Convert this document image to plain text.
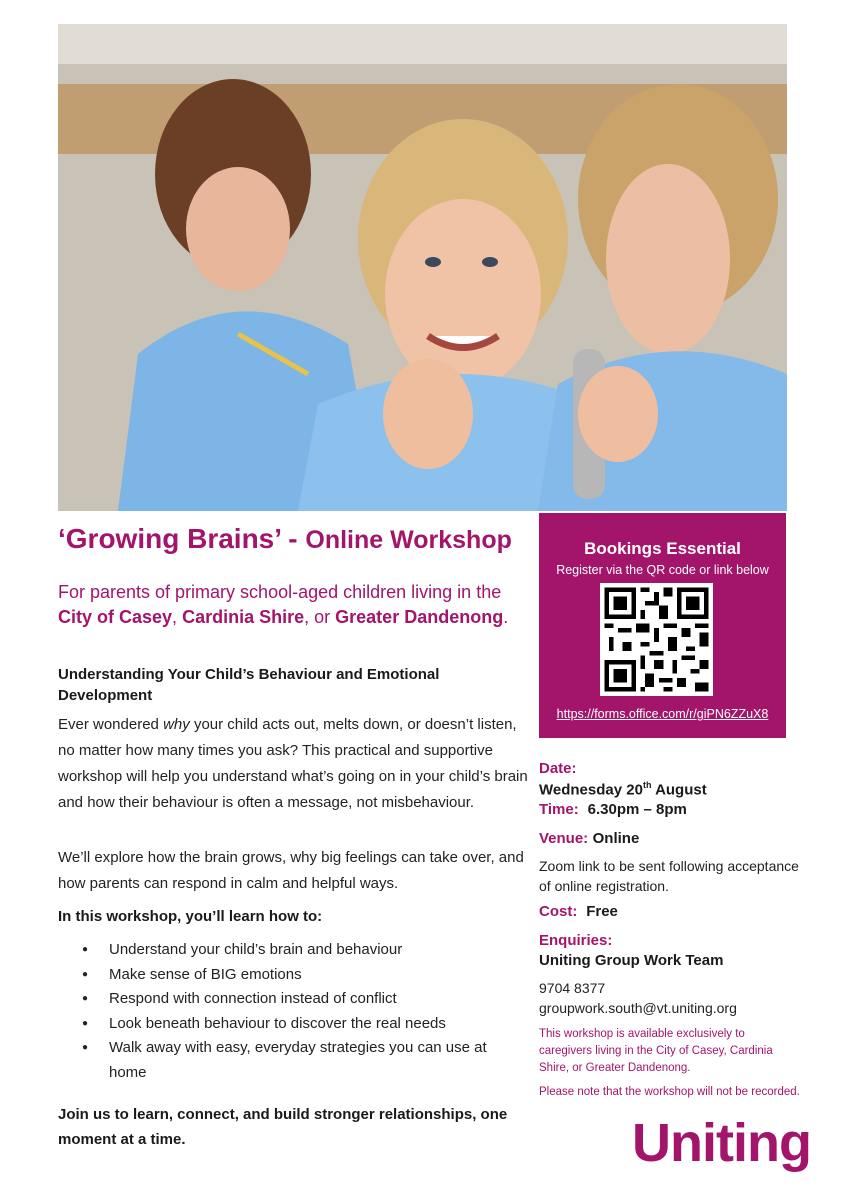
‘Growing Brains’ - Online Workshop

For parents of primary school-aged children living in the City of Casey, Cardinia Shire, or Greater Dandenong.

Understanding Your Child’s Behaviour and Emotional Development

Ever wondered why your child acts out, melts down, or doesn’t listen, no matter how many times you ask? This practical and supportive workshop will help you understand what’s going on in your child’s brain and how their behaviour is often a message, not misbehaviour.

We’ll explore how the brain grows, why big feelings can take over, and how parents can respond in calm and helpful ways.

In this workshop, you’ll learn how to:
● Understand your child’s brain and behaviour
● Make sense of BIG emotions
● Respond with connection instead of conflict
● Look beneath behaviour to discover the real needs
● Walk away with easy, everyday strategies you can use at home

Join us to learn, connect, and build stronger relationships, one moment at a time.

Bookings Essential

Register via the QR code or link below

https://forms.office.com/r/giPN6ZZuX8

Date:

Wednesday 20th August

Time: 6.30pm – 8pm

Venue: Online

Zoom link to be sent following acceptance of online registration.

Cost: Free

Enquiries:

Uniting Group Work Team

9704 8377

groupwork.south@vt.uniting.org

This workshop is available exclusively to caregivers living in the City of Casey, Cardinia Shire, or Greater Dandenong.

Please note that the workshop will not be recorded.

Uniting
